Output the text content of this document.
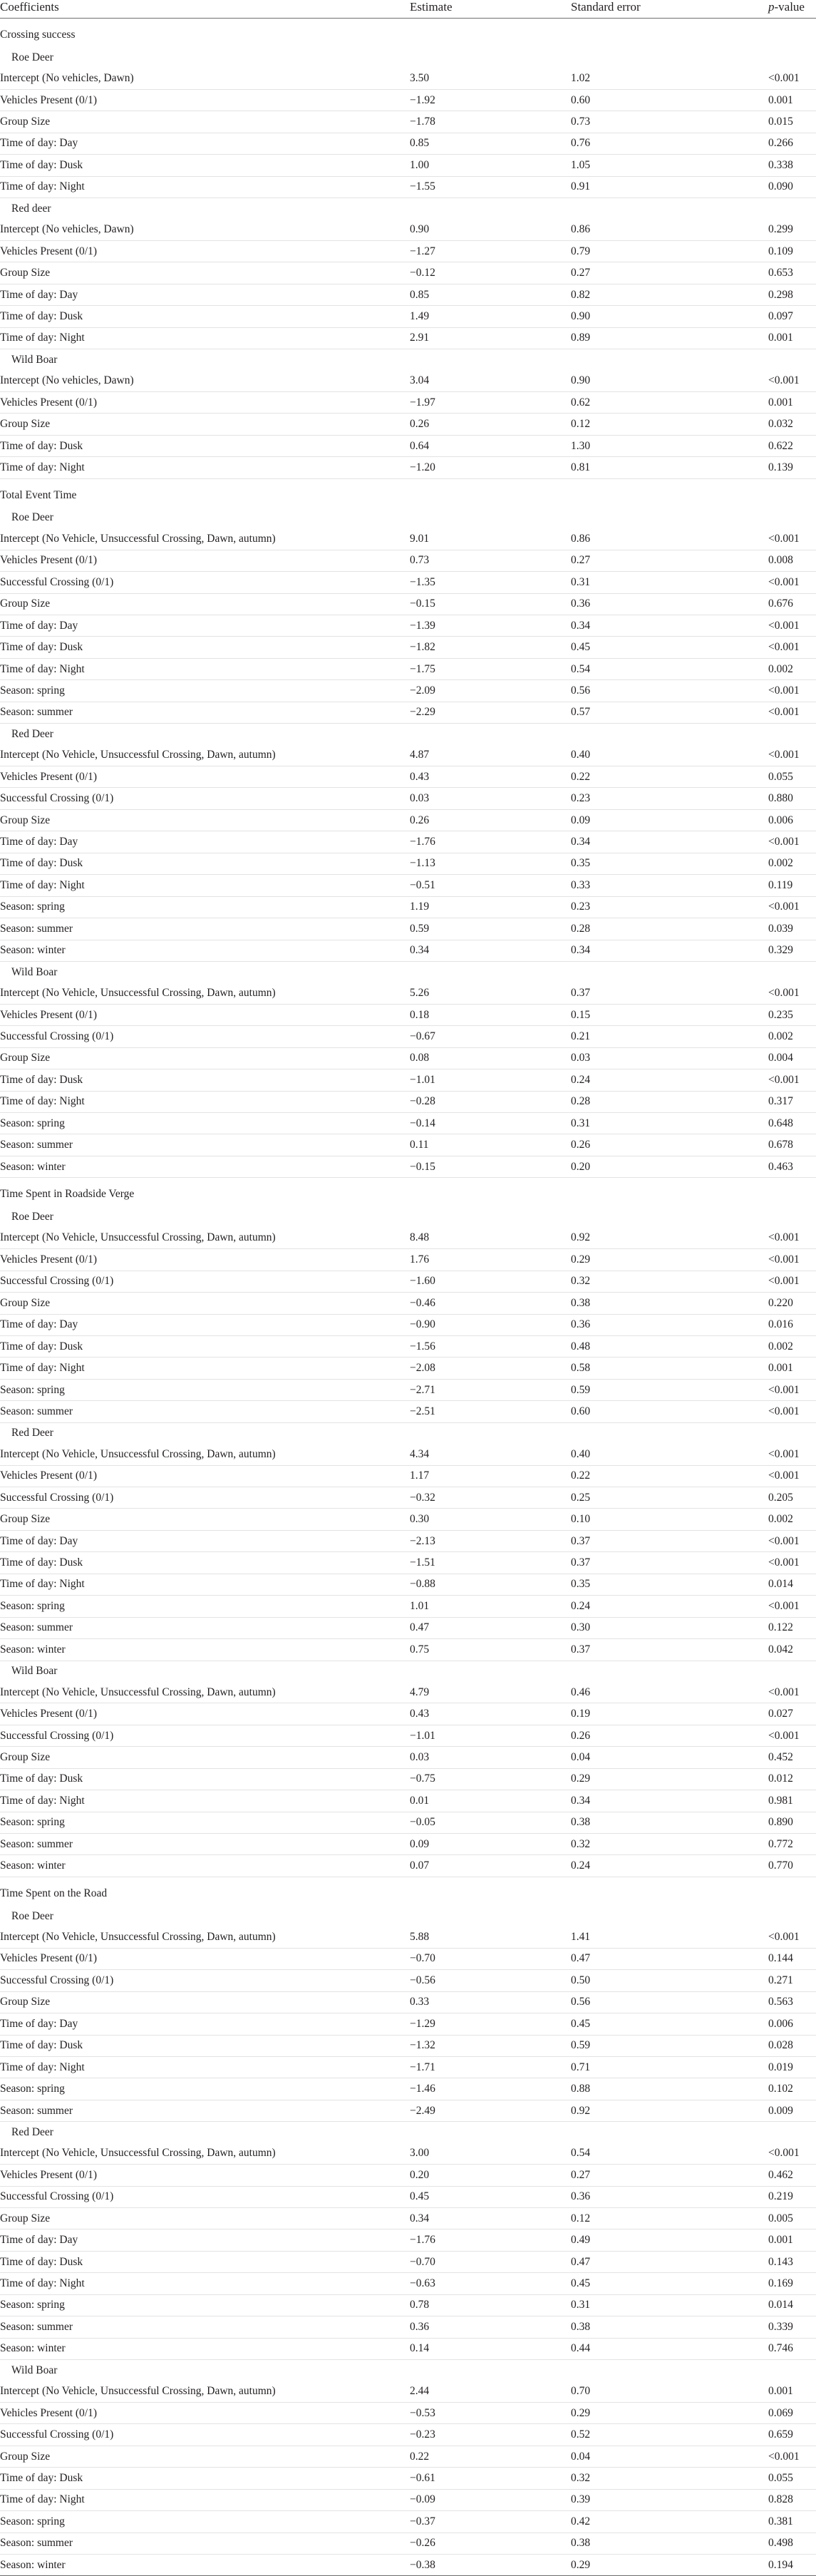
Coefficients	Estimate	Standard error	p-value
Crossing success			
Roe Deer			
Intercept (No vehicles, Dawn)	3.50	1.02	<0.001
Vehicles Present (0/1)	−1.92	0.60	0.001
Group Size	−1.78	0.73	0.015
Time of day: Day	0.85	0.76	0.266
Time of day: Dusk	1.00	1.05	0.338
Time of day: Night	−1.55	0.91	0.090
Red deer			
Intercept (No vehicles, Dawn)	0.90	0.86	0.299
Vehicles Present (0/1)	−1.27	0.79	0.109
Group Size	−0.12	0.27	0.653
Time of day: Day	0.85	0.82	0.298
Time of day: Dusk	1.49	0.90	0.097
Time of day: Night	2.91	0.89	0.001
Wild Boar			
Intercept (No vehicles, Dawn)	3.04	0.90	<0.001
Vehicles Present (0/1)	−1.97	0.62	0.001
Group Size	0.26	0.12	0.032
Time of day: Dusk	0.64	1.30	0.622
Time of day: Night	−1.20	0.81	0.139
Total Event Time			
Roe Deer			
Intercept (No Vehicle, Unsuccessful Crossing, Dawn, autumn)	9.01	0.86	<0.001
Vehicles Present (0/1)	0.73	0.27	0.008
Successful Crossing (0/1)	−1.35	0.31	<0.001
Group Size	−0.15	0.36	0.676
Time of day: Day	−1.39	0.34	<0.001
Time of day: Dusk	−1.82	0.45	<0.001
Time of day: Night	−1.75	0.54	0.002
Season: spring	−2.09	0.56	<0.001
Season: summer	−2.29	0.57	<0.001
Red Deer			
Intercept (No Vehicle, Unsuccessful Crossing, Dawn, autumn)	4.87	0.40	<0.001
Vehicles Present (0/1)	0.43	0.22	0.055
Successful Crossing (0/1)	0.03	0.23	0.880
Group Size	0.26	0.09	0.006
Time of day: Day	−1.76	0.34	<0.001
Time of day: Dusk	−1.13	0.35	0.002
Time of day: Night	−0.51	0.33	0.119
Season: spring	1.19	0.23	<0.001
Season: summer	0.59	0.28	0.039
Season: winter	0.34	0.34	0.329
Wild Boar			
Intercept (No Vehicle, Unsuccessful Crossing, Dawn, autumn)	5.26	0.37	<0.001
Vehicles Present (0/1)	0.18	0.15	0.235
Successful Crossing (0/1)	−0.67	0.21	0.002
Group Size	0.08	0.03	0.004
Time of day: Dusk	−1.01	0.24	<0.001
Time of day: Night	−0.28	0.28	0.317
Season: spring	−0.14	0.31	0.648
Season: summer	0.11	0.26	0.678
Season: winter	−0.15	0.20	0.463
Time Spent in Roadside Verge			
Roe Deer			
Intercept (No Vehicle, Unsuccessful Crossing, Dawn, autumn)	8.48	0.92	<0.001
Vehicles Present (0/1)	1.76	0.29	<0.001
Successful Crossing (0/1)	−1.60	0.32	<0.001
Group Size	−0.46	0.38	0.220
Time of day: Day	−0.90	0.36	0.016
Time of day: Dusk	−1.56	0.48	0.002
Time of day: Night	−2.08	0.58	0.001
Season: spring	−2.71	0.59	<0.001
Season: summer	−2.51	0.60	<0.001
Red Deer			
Intercept (No Vehicle, Unsuccessful Crossing, Dawn, autumn)	4.34	0.40	<0.001
Vehicles Present (0/1)	1.17	0.22	<0.001
Successful Crossing (0/1)	−0.32	0.25	0.205
Group Size	0.30	0.10	0.002
Time of day: Day	−2.13	0.37	<0.001
Time of day: Dusk	−1.51	0.37	<0.001
Time of day: Night	−0.88	0.35	0.014
Season: spring	1.01	0.24	<0.001
Season: summer	0.47	0.30	0.122
Season: winter	0.75	0.37	0.042
Wild Boar			
Intercept (No Vehicle, Unsuccessful Crossing, Dawn, autumn)	4.79	0.46	<0.001
Vehicles Present (0/1)	0.43	0.19	0.027
Successful Crossing (0/1)	−1.01	0.26	<0.001
Group Size	0.03	0.04	0.452
Time of day: Dusk	−0.75	0.29	0.012
Time of day: Night	0.01	0.34	0.981
Season: spring	−0.05	0.38	0.890
Season: summer	0.09	0.32	0.772
Season: winter	0.07	0.24	0.770
Time Spent on the Road			
Roe Deer			
Intercept (No Vehicle, Unsuccessful Crossing, Dawn, autumn)	5.88	1.41	<0.001
Vehicles Present (0/1)	−0.70	0.47	0.144
Successful Crossing (0/1)	−0.56	0.50	0.271
Group Size	0.33	0.56	0.563
Time of day: Day	−1.29	0.45	0.006
Time of day: Dusk	−1.32	0.59	0.028
Time of day: Night	−1.71	0.71	0.019
Season: spring	−1.46	0.88	0.102
Season: summer	−2.49	0.92	0.009
Red Deer			
Intercept (No Vehicle, Unsuccessful Crossing, Dawn, autumn)	3.00	0.54	<0.001
Vehicles Present (0/1)	0.20	0.27	0.462
Successful Crossing (0/1)	0.45	0.36	0.219
Group Size	0.34	0.12	0.005
Time of day: Day	−1.76	0.49	0.001
Time of day: Dusk	−0.70	0.47	0.143
Time of day: Night	−0.63	0.45	0.169
Season: spring	0.78	0.31	0.014
Season: summer	0.36	0.38	0.339
Season: winter	0.14	0.44	0.746
Wild Boar			
Intercept (No Vehicle, Unsuccessful Crossing, Dawn, autumn)	2.44	0.70	0.001
Vehicles Present (0/1)	−0.53	0.29	0.069
Successful Crossing (0/1)	−0.23	0.52	0.659
Group Size	0.22	0.04	<0.001
Time of day: Dusk	−0.61	0.32	0.055
Time of day: Night	−0.09	0.39	0.828
Season: spring	−0.37	0.42	0.381
Season: summer	−0.26	0.38	0.498
Season: winter	−0.38	0.29	0.194
